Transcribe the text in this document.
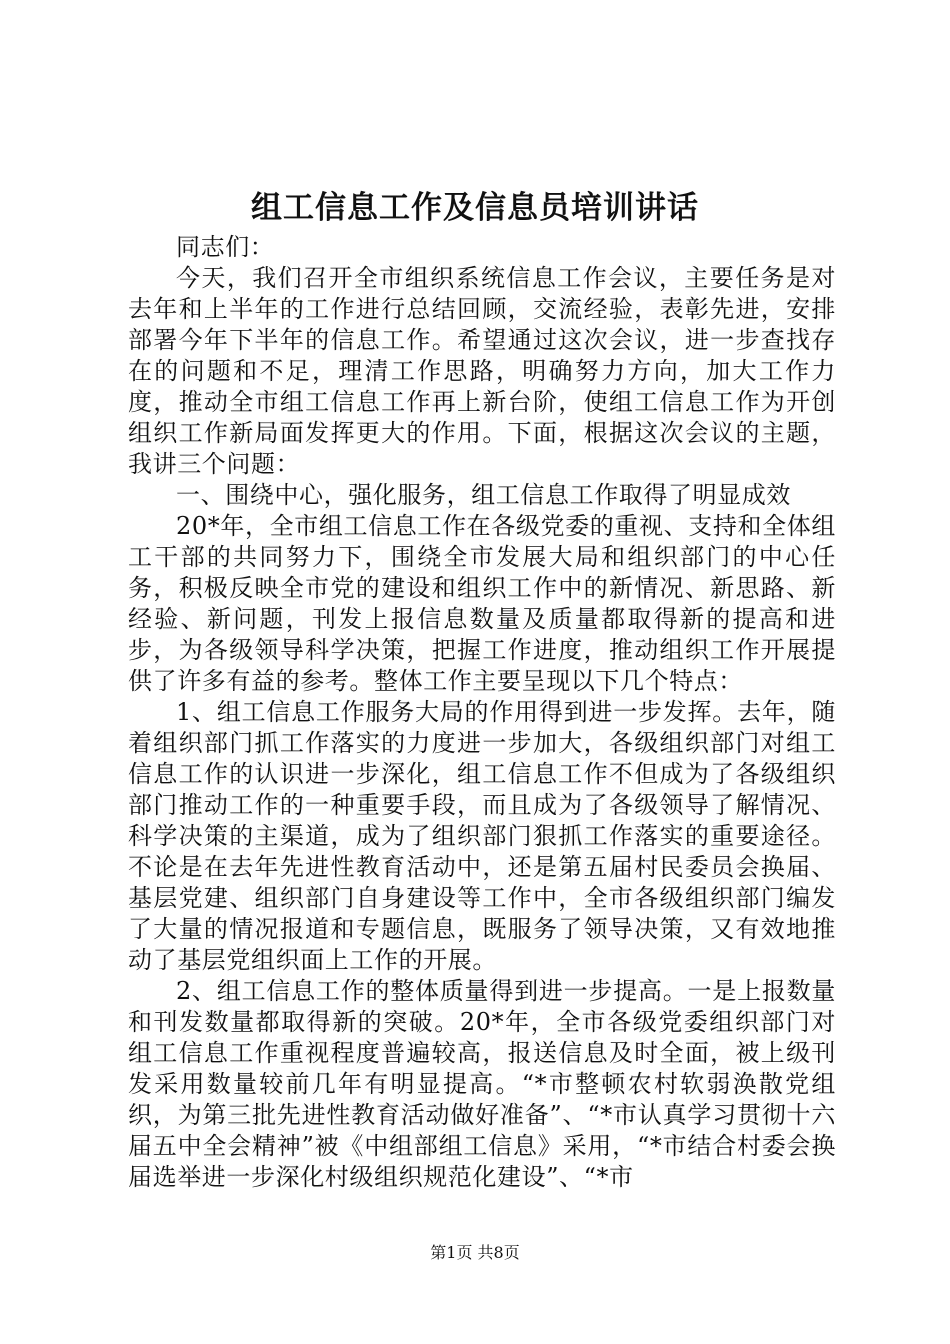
组工信息工作及信息员培训讲话

同志们：

今天，我们召开全市组织系统信息工作会议，主要任务是对去年和上半年的工作进行总结回顾，交流经验，表彰先进，安排部署今年下半年的信息工作。希望通过这次会议，进一步查找存在的问题和不足，理清工作思路，明确努力方向，加大工作力度，推动全市组工信息工作再上新台阶，使组工信息工作为开创组织工作新局面发挥更大的作用。下面，根据这次会议的主题，我讲三个问题：

一、围绕中心，强化服务，组工信息工作取得了明显成效

20*年，全市组工信息工作在各级党委的重视、支持和全体组工干部的共同努力下，围绕全市发展大局和组织部门的中心任务，积极反映全市党的建设和组织工作中的新情况、新思路、新经验、新问题，刊发上报信息数量及质量都取得新的提高和进步，为各级领导科学决策，把握工作进度，推动组织工作开展提供了许多有益的参考。整体工作主要呈现以下几个特点：

1、组工信息工作服务大局的作用得到进一步发挥。去年，随着组织部门抓工作落实的力度进一步加大，各级组织部门对组工信息工作的认识进一步深化，组工信息工作不但成为了各级组织部门推动工作的一种重要手段，而且成为了各级领导了解情况、科学决策的主渠道，成为了组织部门狠抓工作落实的重要途径。不论是在去年先进性教育活动中，还是第五届村民委员会换届、基层党建、组织部门自身建设等工作中，全市各级组织部门编发了大量的情况报道和专题信息，既服务了领导决策，又有效地推动了基层党组织面上工作的开展。

2、组工信息工作的整体质量得到进一步提高。一是上报数量和刊发数量都取得新的突破。20*年，全市各级党委组织部门对组工信息工作重视程度普遍较高，报送信息及时全面，被上级刊发采用数量较前几年有明显提高。“*市整顿农村软弱涣散党组织，为第三批先进性教育活动做好准备”、“*市认真学习贯彻十六届五中全会精神”被《中组部组工信息》采用，“*市结合村委会换届选举进一步深化村级组织规范化建设”、“*市

第1页 共8页
